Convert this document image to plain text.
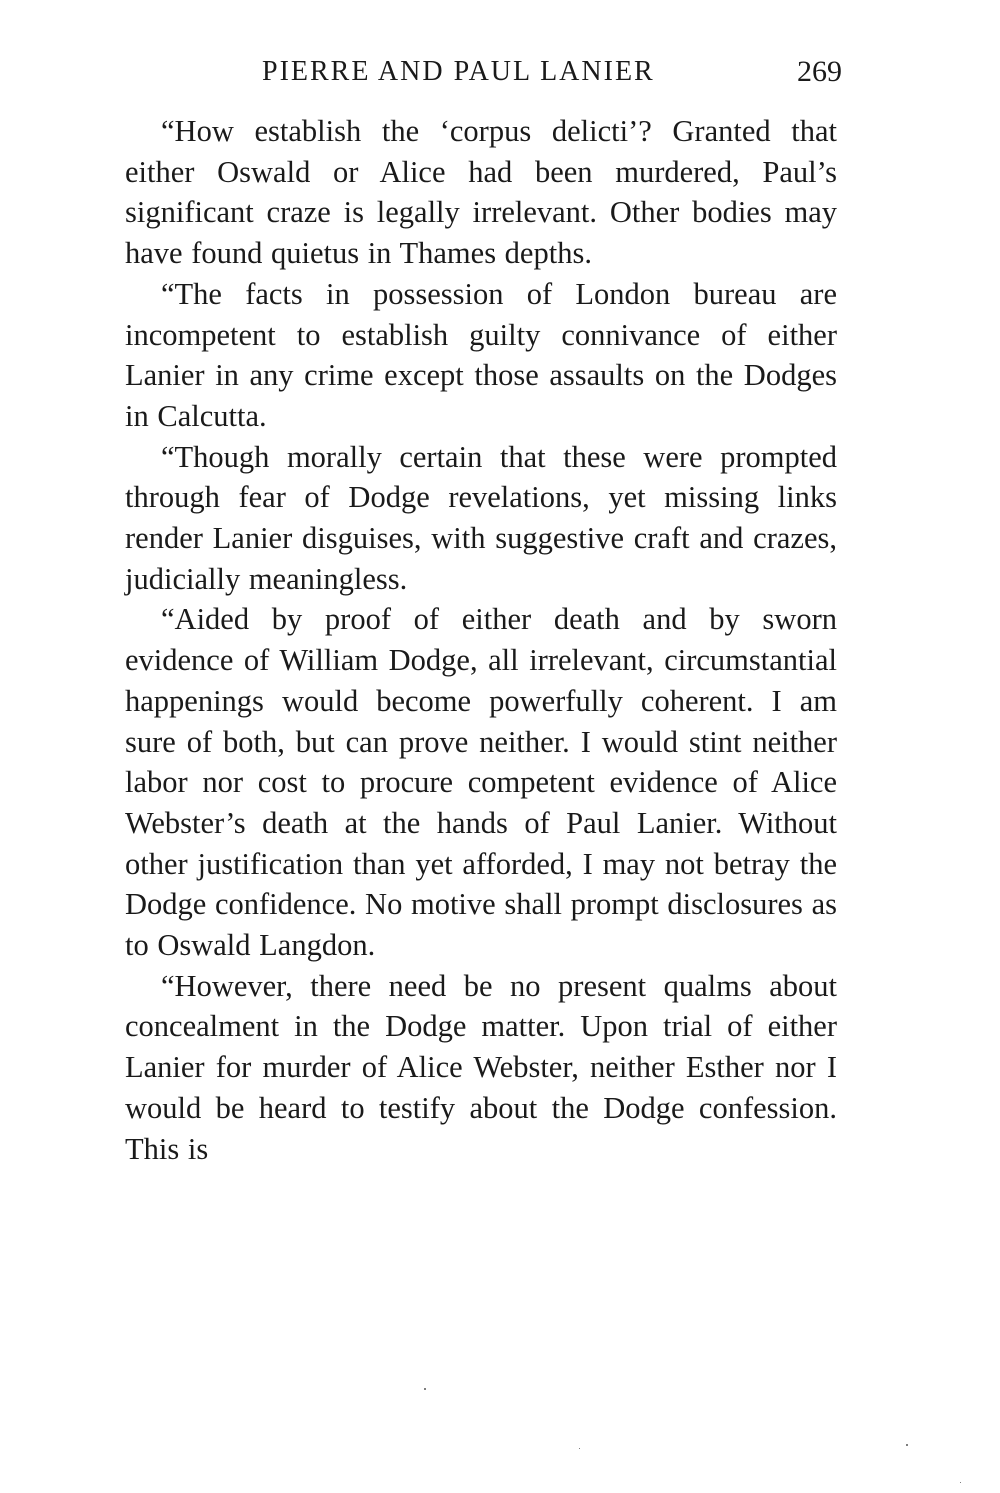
PIERRE AND PAUL LANIER	269

“How establish the ‘corpus delicti’? Granted that either Oswald or Alice had been murdered, Paul’s significant craze is legally irrelevant. Other bodies may have found quietus in Thames depths.

“The facts in possession of London bureau are incompetent to establish guilty connivance of either Lanier in any crime except those assaults on the Dodges in Calcutta.

“Though morally certain that these were prompted through fear of Dodge revelations, yet missing links render Lanier disguises, with suggestive craft and crazes, judicially meaningless.

“Aided by proof of either death and by sworn evidence of William Dodge, all irrelevant, circumstantial happenings would become powerfully coherent. I am sure of both, but can prove neither. I would stint neither labor nor cost to procure competent evidence of Alice Webster’s death at the hands of Paul Lanier. Without other justification than yet afforded, I may not betray the Dodge confidence. No motive shall prompt disclosures as to Oswald Langdon.

“However, there need be no present qualms about concealment in the Dodge matter. Upon trial of either Lanier for murder of Alice Webster, neither Esther nor I would be heard to testify about the Dodge confession. This is
